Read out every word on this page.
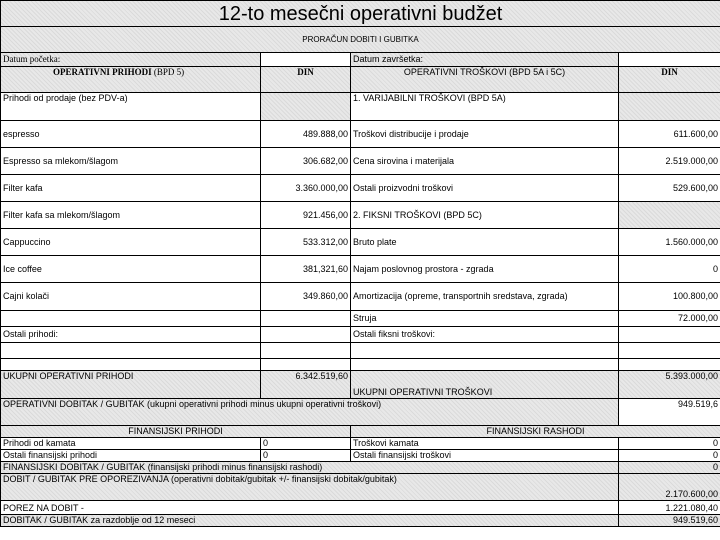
12-to mesečni operativni budžet			
PRORAČUN DOBITI I GUBITKA			
Datum početka:		Datum završetka:	
OPERATIVNI PRIHODI (BPD 5)	DIN	OPERATIVNI TROŠKOVI (BPD 5A i 5C)	DIN
Prihodi od prodaje (bez PDV-a)		1. VARIJABILNI TROŠKOVI (BPD 5A)	
espresso	489.888,00	Troškovi distribucije i prodaje	611.600,00
Espresso sa mlekom/šlagom	306.682,00	Cena sirovina i materijala	2.519.000,00
Filter kafa	3.360.000,00	Ostali proizvodni troškovi	529.600,00
Filter kafa sa mlekom/šlagom	921.456,00	2. FIKSNI TROŠKOVI (BPD 5C)	
Cappuccino	533.312,00	Bruto plate	1.560.000,00
Ice coffee	381,321,60	Najam poslovnog prostora - zgrada	0
Cajni kolači	349.860,00	Amortizacija (opreme, transportnih sredstava, zgrada)	100.800,00
		Struja	72.000,00
Ostali prihodi:		Ostali fiksni troškovi:	

UKUPNI OPERATIVNI PRIHODI	6.342.519,60	UKUPNI OPERATIVNI TROŠKOVI	5.393.000,00
OPERATIVNI DOBITAK / GUBITAK (ukupni operativni prihodi minus ukupni operativni troškovi)			949.519,6
FINANSIJSKI PRIHODI		FINANSIJSKI RASHODI	
Prihodi od kamata	0	Troškovi kamata	0
Ostali finansijski prihodi	0	Ostali finansijski troškovi	0
FINANSIJSKI DOBITAK / GUBITAK (finansijski prihodi minus finansijski rashodi)			0
DOBIT / GUBITAK PRE OPOREZIVANJA (operativni dobitak/gubitak +/- finansijski dobitak/gubitak)			2.170.600,00
POREZ NA DOBIT -			1.221.080,40
DOBITAK / GUBITAK za razdoblje od 12 meseci			949.519,60
